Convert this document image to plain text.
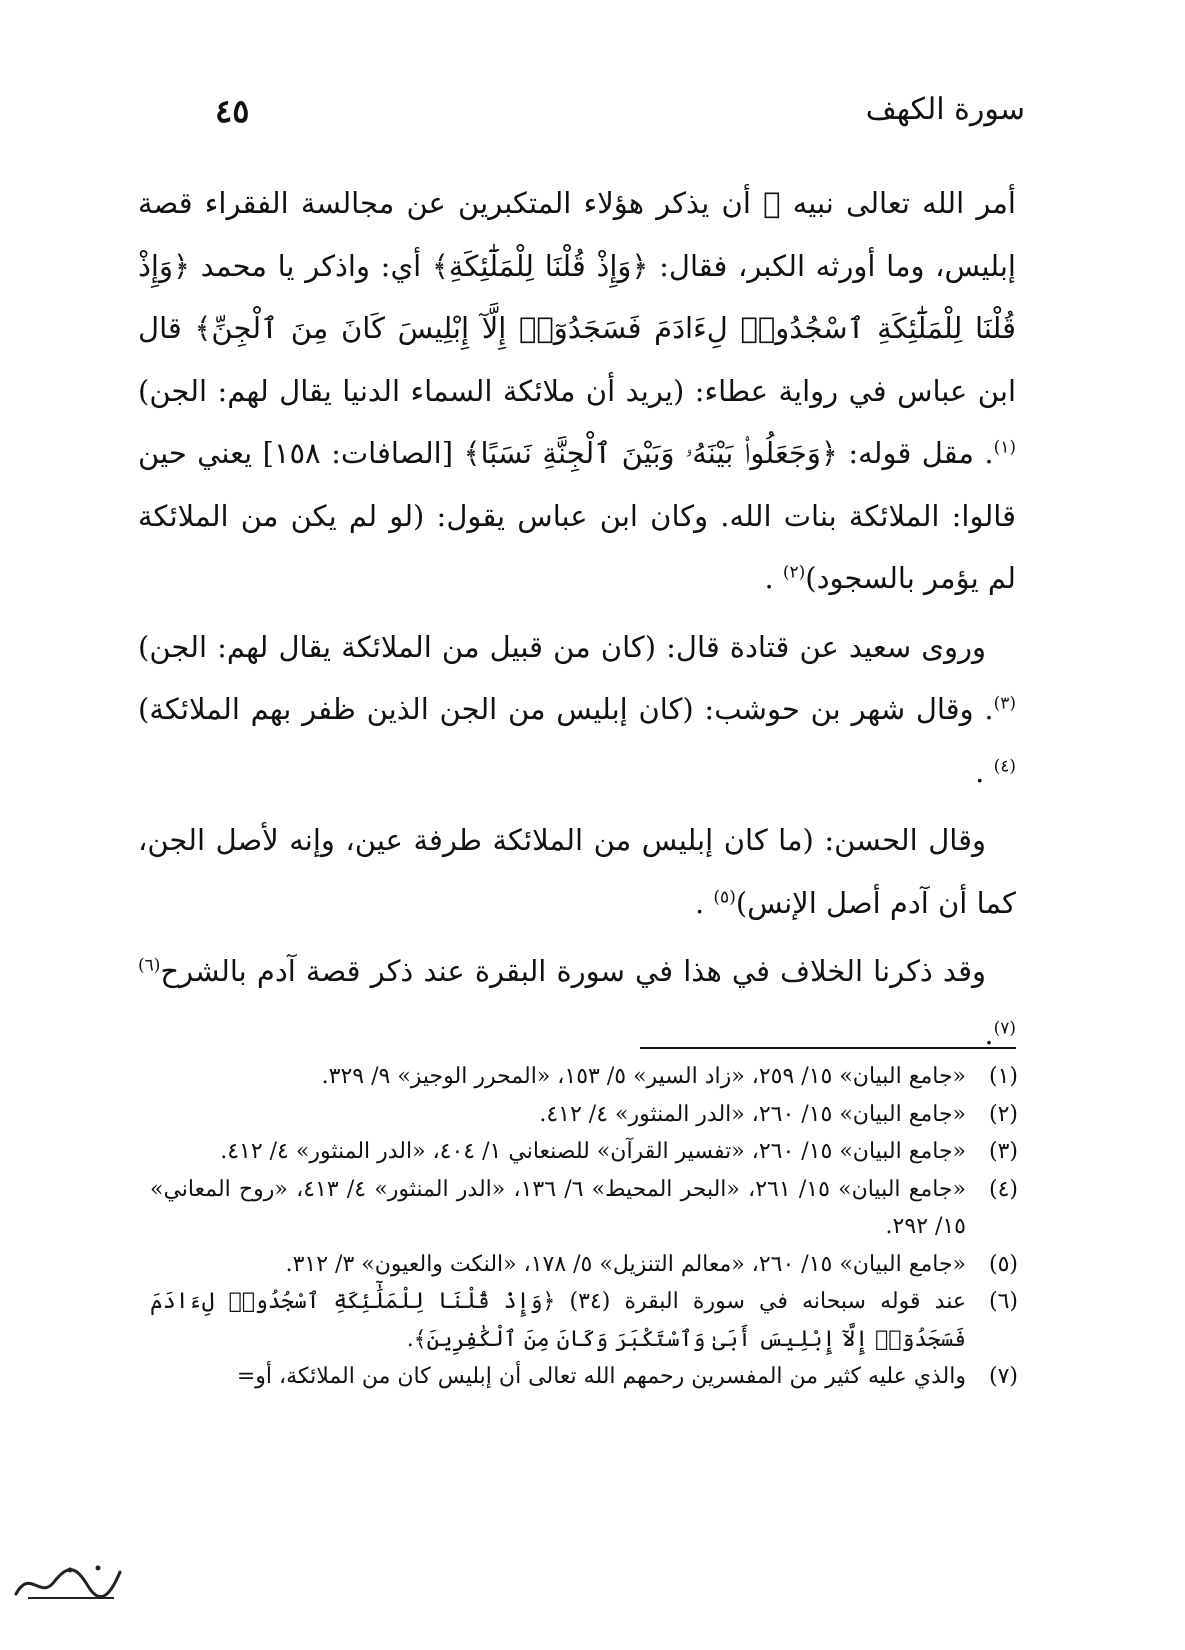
سورة الكهف
٤٥

أمر الله تعالى نبيه ﷺ أن يذكر هؤلاء المتكبرين عن مجالسة الفقراء قصة إبليس، وما أورثه الكبر، فقال: ﴿وَإِذْ قُلْنَا لِلْمَلَٰٓئِكَةِ﴾ أي: واذكر يا محمد ﴿وَإِذْ قُلْنَا لِلْمَلَٰٓئِكَةِ ٱسْجُدُوا۟ لِءَادَمَ فَسَجَدُوٓا۟ إِلَّآ إِبْلِيسَ كَانَ مِنَ ٱلْجِنِّ﴾ قال ابن عباس في رواية عطاء: (يريد أن ملائكة السماء الدنيا يقال لهم: الجن)$^{(١)}$. مقل قوله: ﴿وَجَعَلُوا۟ بَيْنَهُۥ وَبَيْنَ ٱلْجِنَّةِ نَسَبًا﴾ [الصافات: ١٥٨] يعني حين قالوا: الملائكة بنات الله. وكان ابن عباس يقول: (لو لم يكن من الملائكة لم يؤمر بالسجود)$^{(٢)}$ .

وروى سعيد عن قتادة قال: (كان من قبيل من الملائكة يقال لهم: الجن)$^{(٣)}$. وقال شهر بن حوشب: (كان إبليس من الجن الذين ظفر بهم الملائكة)$^{(٤)}$ .

وقال الحسن: (ما كان إبليس من الملائكة طرفة عين، وإنه لأصل الجن، كما أن آدم أصل الإنس)$^{(٥)}$ .

وقد ذكرنا الخلاف في هذا في سورة البقرة عند ذكر قصة آدم بالشرح$^{(٦)(٧)}$.

(١)
«جامع البيان» ١٥/ ٢٥٩، «زاد السير» ٥/ ١٥٣، «المحرر الوجيز» ٩/ ٣٢٩.
(٢)
«جامع البيان» ١٥/ ٢٦٠، «الدر المنثور» ٤/ ٤١٢.
(٣)
«جامع البيان» ١٥/ ٢٦٠، «تفسير القرآن» للصنعاني ١/ ٤٠٤، «الدر المنثور» ٤/ ٤١٢.
(٤)
«جامع البيان» ١٥/ ٢٦١، «البحر المحيط» ٦/ ١٣٦، «الدر المنثور» ٤/ ٤١٣، «روح المعاني» ١٥/ ٢٩٢.
(٥)
«جامع البيان» ١٥/ ٢٦٠، «معالم التنزيل» ٥/ ١٧٨، «النكت والعيون» ٣/ ٣١٢.
(٦)
عند قوله سبحانه في سورة البقرة (٣٤) ﴿وَإِذْ قُلْنَا لِلْمَلَٰٓئِكَةِ ٱسْجُدُوا۟ لِءَادَمَ فَسَجَدُوٓا۟ إِلَّآ إِبْلِيسَ أَبَىٰ وَٱسْتَكْبَرَ وَكَانَ مِنَ ٱلْكَٰفِرِينَ﴾.
(٧)
والذي عليه كثير من المفسرين رحمهم الله تعالى أن إبليس كان من الملائكة، أو=
